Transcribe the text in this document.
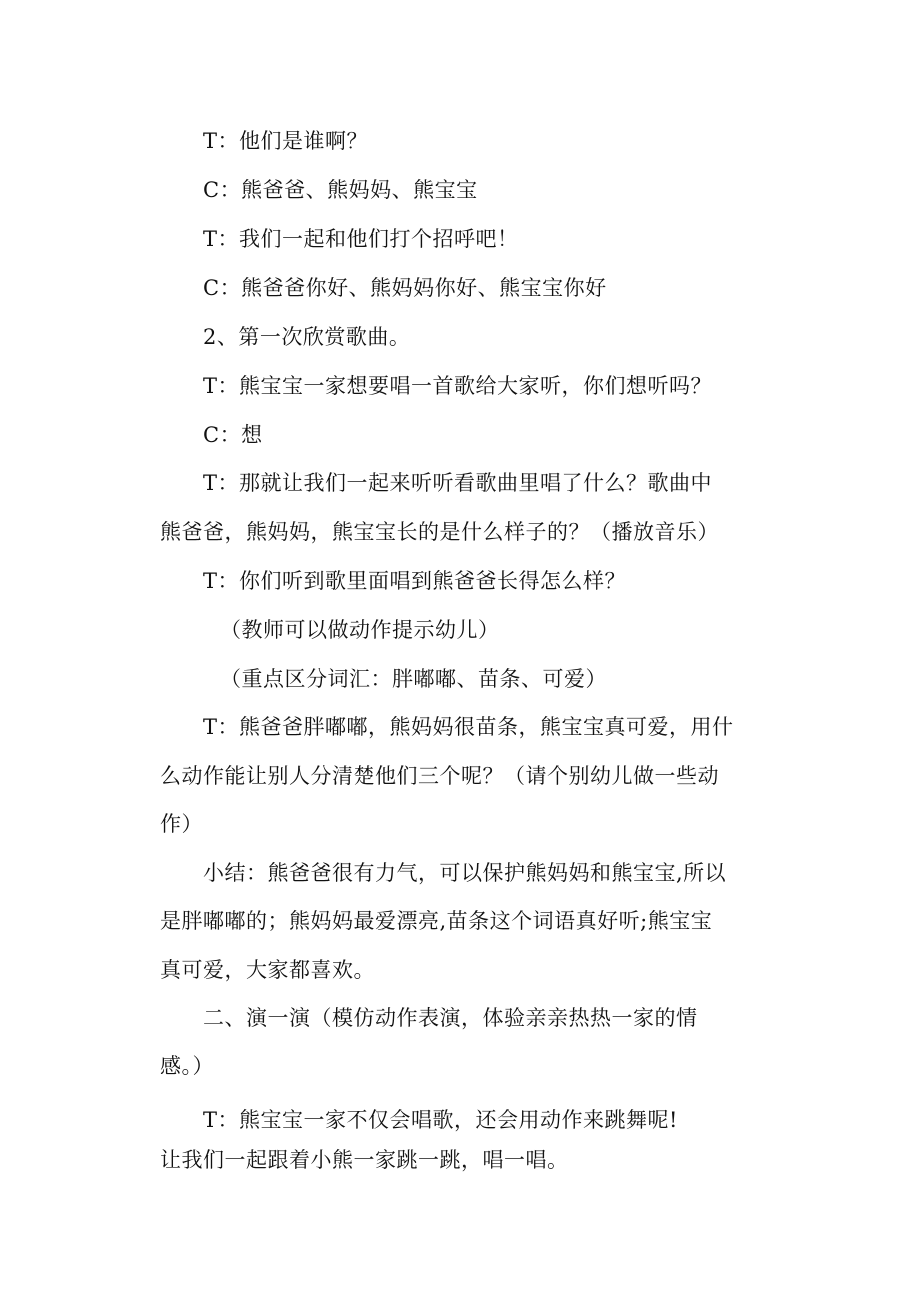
T：他们是谁啊？
C：熊爸爸、熊妈妈、熊宝宝
T：我们一起和他们打个招呼吧！
C：熊爸爸你好、熊妈妈你好、熊宝宝你好
2、第一次欣赏歌曲。
T：熊宝宝一家想要唱一首歌给大家听，你们想听吗？
C：想
T：那就让我们一起来听听看歌曲里唱了什么？歌曲中
熊爸爸，熊妈妈，熊宝宝长的是什么样子的？（播放音乐）
T：你们听到歌里面唱到熊爸爸长得怎么样？
（教师可以做动作提示幼儿）
（重点区分词汇：胖嘟嘟、苗条、可爱）
T：熊爸爸胖嘟嘟，熊妈妈很苗条，熊宝宝真可爱，用什
么动作能让别人分清楚他们三个呢？（请个别幼儿做一些动
作）
小结：熊爸爸很有力气，可以保护熊妈妈和熊宝宝,所以
是胖嘟嘟的；熊妈妈最爱漂亮,苗条这个词语真好听;熊宝宝
真可爱，大家都喜欢。
二、演一演（模仿动作表演，体验亲亲热热一家的情
感。）
T：熊宝宝一家不仅会唱歌，还会用动作来跳舞呢!
让我们一起跟着小熊一家跳一跳，唱一唱。
